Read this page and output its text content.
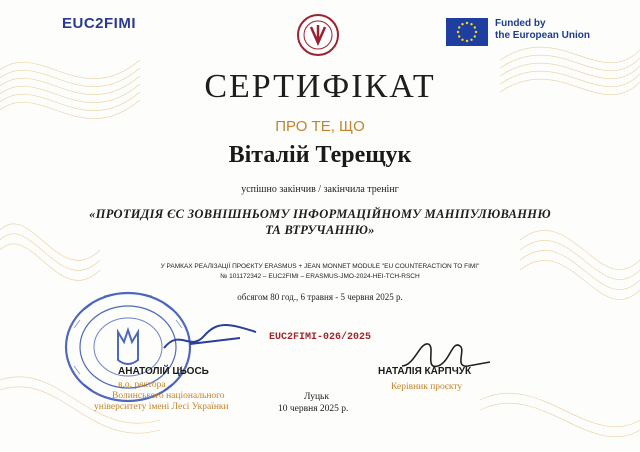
EUC2FIMI	Funded by
the European Union
СЕРТИФІКАТ
ПРО ТЕ, ЩО
Віталій Терещук
успішно закінчив / закінчила тренінг
«ПРОТИДІЯ ЄС ЗОВНІШНЬОМУ ІНФОРМАЦІЙНОМУ МАНІПУЛЮВАННЮ
ТА ВТРУЧАННЮ»
У РАМКАХ РЕАЛІЗАЦІЇ ПРОЄКТУ ERASMUS + JEAN MONNET MODULE "EU COUNTERACTION TO FIMI"
№ 101172342 – EUC2FIMI – ERASMUS-JMO-2024-HEI-TCH-RSCH
обсягом 80 год., 6 травня - 5 червня 2025 р.
EUC2FIMI-026/2025
АНАТОЛІЙ ЦЬОСЬ
в.о. ректора
Волинського національного
університету імені Лесі Українки
НАТАЛІЯ КАРПЧУК
Керівник проєкту
Луцьк
10 червня 2025 р.
